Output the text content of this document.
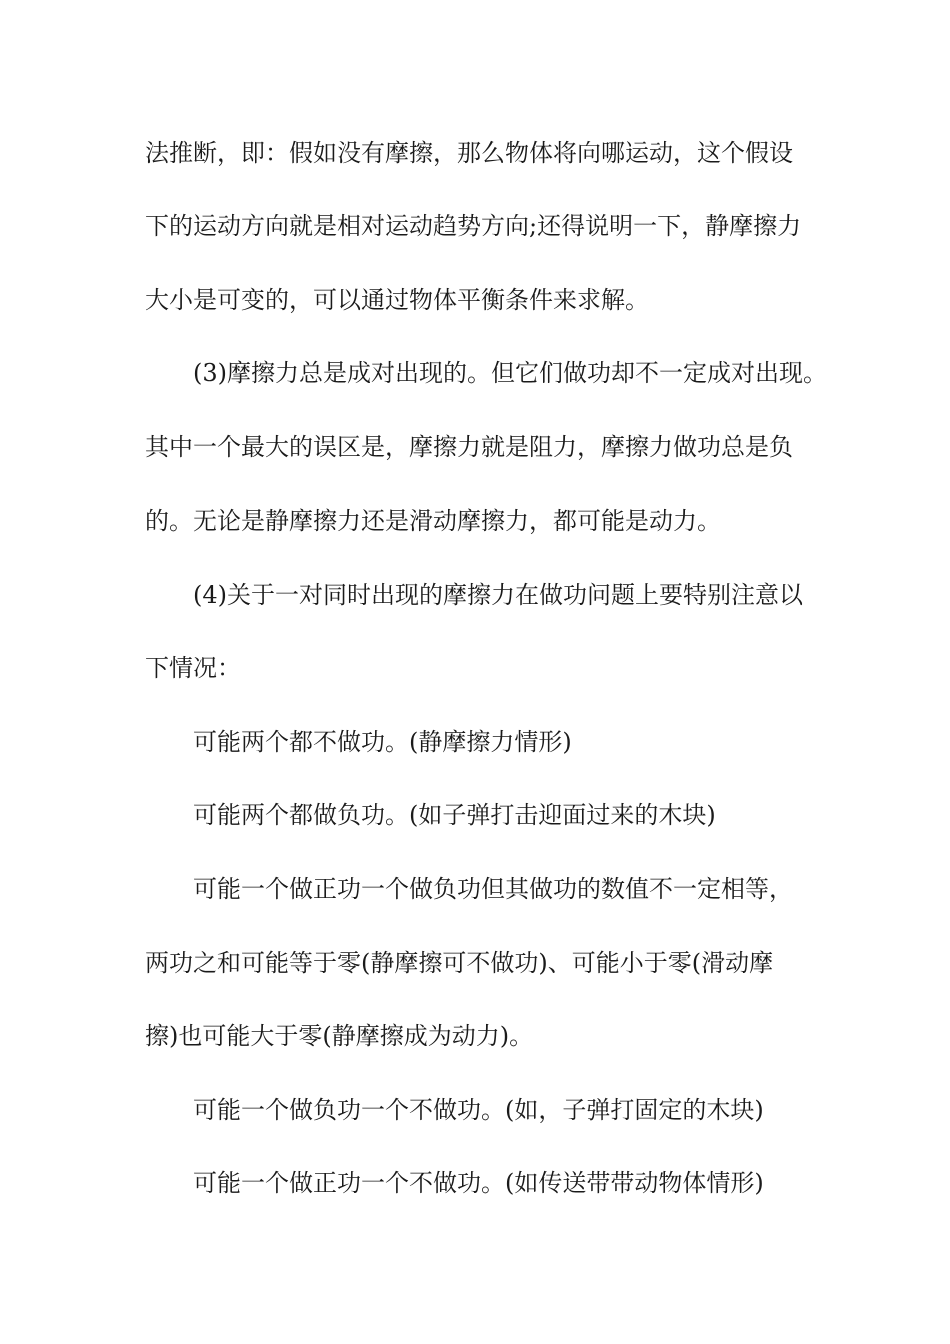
法推断，即：假如没有摩擦，那么物体将向哪运动，这个假设
下的运动方向就是相对运动趋势方向;还得说明一下，静摩擦力
大小是可变的，可以通过物体平衡条件来求解。
(3)摩擦力总是成对出现的。但它们做功却不一定成对出现。
其中一个最大的误区是，摩擦力就是阻力，摩擦力做功总是负
的。无论是静摩擦力还是滑动摩擦力，都可能是动力。
(4)关于一对同时出现的摩擦力在做功问题上要特别注意以
下情况：
可能两个都不做功。(静摩擦力情形)
可能两个都做负功。(如子弹打击迎面过来的木块)
可能一个做正功一个做负功但其做功的数值不一定相等，
两功之和可能等于零(静摩擦可不做功)、可能小于零(滑动摩
擦)也可能大于零(静摩擦成为动力)。
可能一个做负功一个不做功。(如，子弹打固定的木块)
可能一个做正功一个不做功。(如传送带带动物体情形)
